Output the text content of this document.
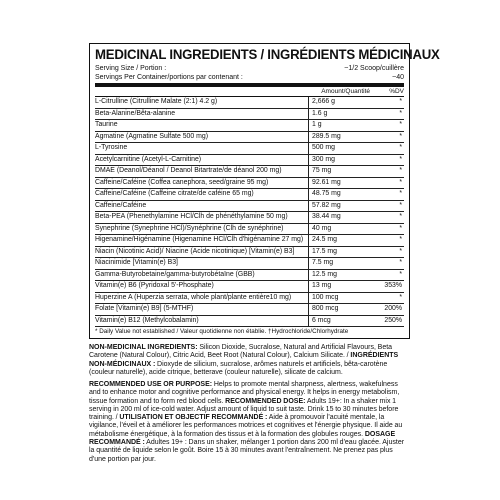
MEDICINAL INGREDIENTS / INGRÉDIENTS MÉDICINAUX
Serving Size / Portion :	~1/2 Scoop/cuillère
Servings Per Container/portions par contenant :	~40
Amount/Quantité	%DV
L-Citrulline (Citrulline Malate (2:1) 4.2 g)	2,666 g	*
Beta-Alanine/Bêta-alanine	1.6 g	*
Taurine	1 g	*
Agmatine (Agmatine Sulfate 500 mg)	289.5 mg	*
L-Tyrosine	500 mg	*
Acetylcarnitine (Acetyl-L-Carnitine)	300 mg	*
DMAE (Deanol/Déanol / Deanol Bitartrate/de déanol 200 mg)	75 mg	*
Caffeine/Caféine (Coffea canephora, seed/graine 95 mg)	92.61 mg	*
Caffeine/Caféine (Caffeine citrate/de caféine 65 mg)	48.75 mg	*
Caffeine/Caféine	57.82 mg	*
Beta-PEA (Phenethylamine HCl/Clh de phénéthylamine 50 mg)	38.44 mg	*
Synephrine (Synephrine HCl)/Synéphrine (Clh de synéphrine)	40 mg	*
Higenamine/Higénamine (Higenamine HCl/Clh d'higénamine 27 mg)	24.5 mg	*
Niacin (Nicotinic Acid)/ Niacine (Acide nicotinique) [Vitamin(e) B3]	17.5 mg	*
Niacinimide [Vitamin(e) B3]	7.5 mg	*
Gamma-Butyrobetaine/gamma-butyrobétaïne (GBB)	12.5 mg	*
Vitamin(e) B6 (Pyridoxal 5'-Phosphate)	13 mg	353%
Huperzine A (Huperzia serrata, whole plant/plante entière10 mg)	100 mcg	*
Folate [Vitamin(e) B9] (5-MTHF)	800 mcg	200%
Vitamin(e) B12 (Methylcobalamin)	6 mcg	250%
* Daily Value not established / Valeur quotidienne non établie. †Hydrochloride/Chlorhydrate
NON-MEDICINAL INGREDIENTS: Silicon Dioxide, Sucralose, Natural and Artificial Flavours, Beta Carotene (Natural Colour), Citric Acid, Beet Root (Natural Colour), Calcium Silicate. / INGRÉDIENTS NON-MÉDICINAUX : Dioxyde de silicium, sucralose, arômes naturels et artificiels, bêta-carotène (couleur naturelle), acide citrique, betterave (couleur naturelle), silicate de calcium.
RECOMMENDED USE OR PURPOSE: Helps to promote mental sharpness, alertness, wakefulness and to enhance motor and cognitive performance and physical energy. It helps in energy metabolism, tissue formation and to form red blood cells. RECOMMENDED DOSE: Adults 19+: In a shaker mix 1 serving in 200 ml of ice-cold water. Adjust amount of liquid to suit taste. Drink 15 to 30 minutes before training. / UTILISATION ET OBJECTIF RECOMMANDÉ : Aide à promouvoir l'acuité mentale, la vigilance, l'éveil et à améliorer les performances motrices et cognitives et l'énergie physique. Il aide au métabolisme énergétique, à la formation des tissus et à la formation des globules rouges. DOSAGE RECOMMANDÉ : Adultes 19+ : Dans un shaker, mélanger 1 portion dans 200 ml d'eau glacée. Ajuster la quantité de liquide selon le goût. Boire 15 à 30 minutes avant l'entraînement. Ne prenez pas plus d'une portion par jour.
